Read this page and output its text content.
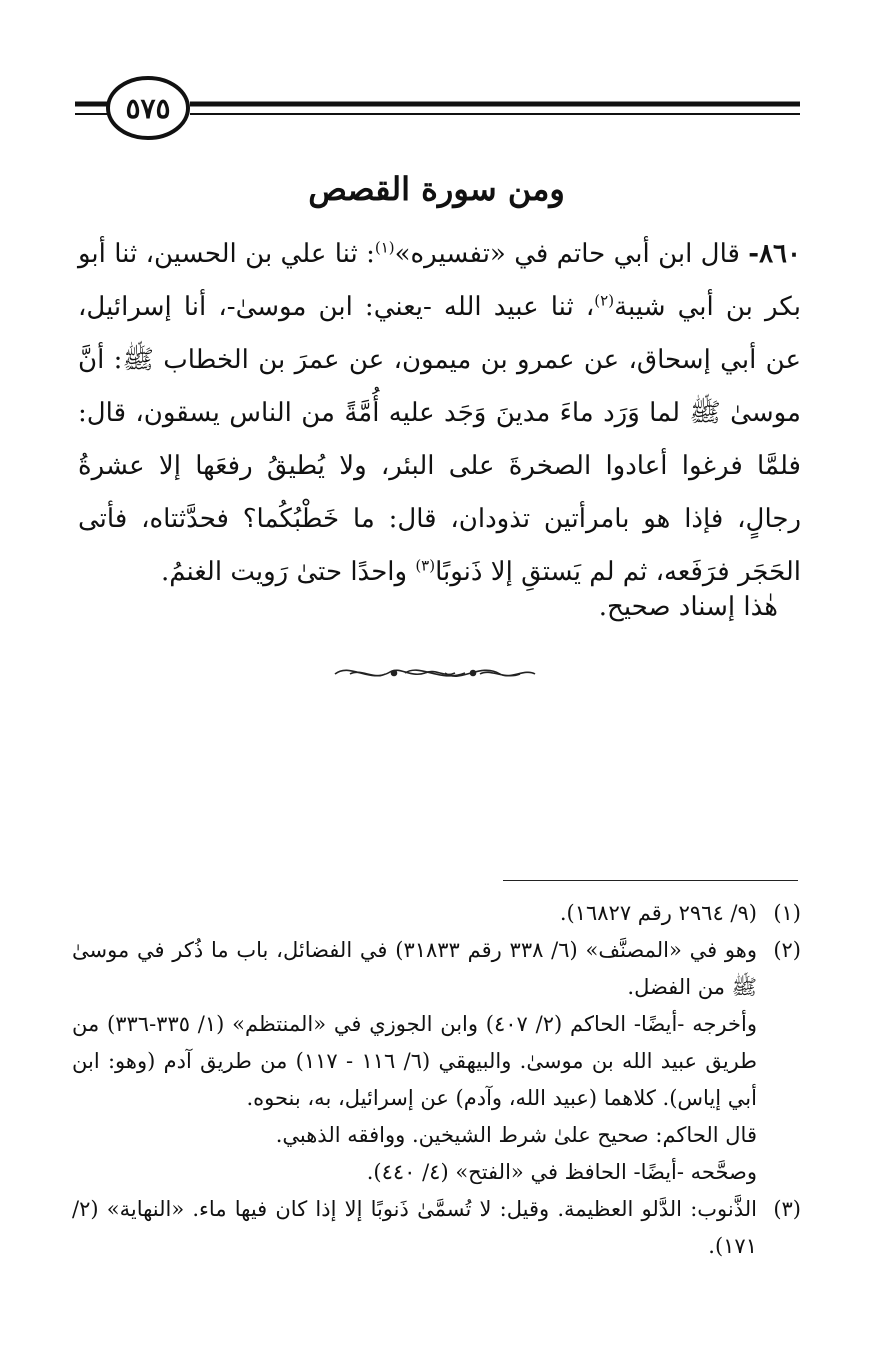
٥٧٥
ومن سورة القصص

٨٦٠- قال ابن أبي حاتم في «تفسيره»$^{(١)}$: ثنا علي بن الحسين، ثنا أبو بكر بن أبي شيبة$^{(٢)}$، ثنا عبيد الله -يعني: ابن موسىٰ-، أنا إسرائيل، عن أبي إسحاق، عن عمرو بن ميمون، عن عمرَ بن الخطاب ﷺ: أنَّ موسىٰ ﷺ لما وَرَد ماءَ مدينَ وَجَد عليه أُمَّةً من الناس يسقون، قال: فلمَّا فرغوا أعادوا الصخرةَ على البئر، ولا يُطيقُ رفعَها إلا عشرةُ رجالٍ، فإذا هو بامرأتين تذودان، قال: ما خَطْبُكُما؟ فحدَّثتاه، فأتى الحَجَر فرَفَعه، ثم لم يَستقِ إلا ذَنوبًا$^{(٣)}$ واحدًا حتىٰ رَويت الغنمُ.

هٰذا إسناد صحيح.
(١)

(٩/ ٢٩٦٤ رقم ١٦٨٢٧).

(٢)

وهو في «المصنَّف» (٦/ ٣٣٨ رقم ٣١٨٣٣) في الفضائل، باب ما ذُكر في موسىٰ ﷺ من الفضل.

وأخرجه -أيضًا- الحاكم (٢/ ٤٠٧) وابن الجوزي في «المنتظم» (١/ ٣٣٥-٣٣٦) من طريق عبيد الله بن موسىٰ. والبيهقي (٦/ ١١٦ - ١١٧) من طريق آدم (وهو: ابن أبي إياس). كلاهما (عبيد الله، وآدم) عن إسرائيل، به، بنحوه.

قال الحاكم: صحيح علىٰ شرط الشيخين. ووافقه الذهبي.

وصحَّحه -أيضًا- الحافظ في «الفتح» (٤/ ٤٤٠).

(٣)

الذَّنوب: الدَّلو العظيمة. وقيل: لا تُسمَّىٰ ذَنوبًا إلا إذا كان فيها ماء. «النهاية» (٢/ ١٧١).
